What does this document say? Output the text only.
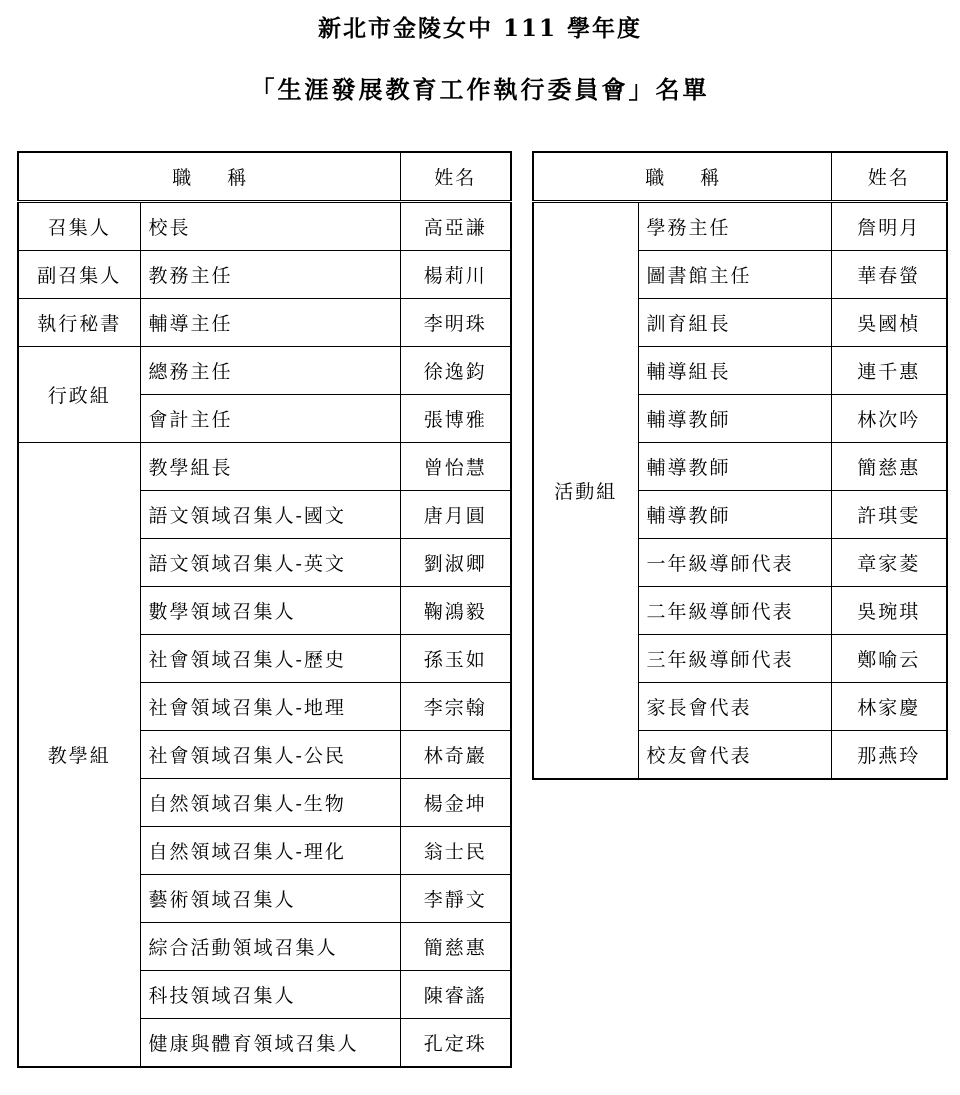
新北市金陵女中 111 學年度
「生涯發展教育工作執行委員會」名單
職稱		姓名
召集人	校長	高亞謙
副召集人	教務主任	楊莉川
執行秘書	輔導主任	李明珠
行政組	總務主任	徐逸鈞
	會計主任	張博雅
教學組	教學組長	曾怡慧
	語文領域召集人-國文	唐月圓
	語文領域召集人-英文	劉淑卿
	數學領域召集人	鞠鴻毅
	社會領域召集人-歷史	孫玉如
	社會領域召集人-地理	李宗翰
	社會領域召集人-公民	林奇巖
	自然領域召集人-生物	楊金坤
	自然領域召集人-理化	翁士民
	藝術領域召集人	李靜文
	綜合活動領域召集人	簡慈惠
	科技領域召集人	陳睿謠
	健康與體育領域召集人	孔定珠
職稱		姓名
活動組	學務主任	詹明月
	圖書館主任	華春螢
	訓育組長	吳國楨
	輔導組長	連千惠
	輔導教師	林次吟
	輔導教師	簡慈惠
	輔導教師	許琪雯
	一年級導師代表	章家菱
	二年級導師代表	吳琬琪
	三年級導師代表	鄭喻云
	家長會代表	林家慶
	校友會代表	那燕玲
